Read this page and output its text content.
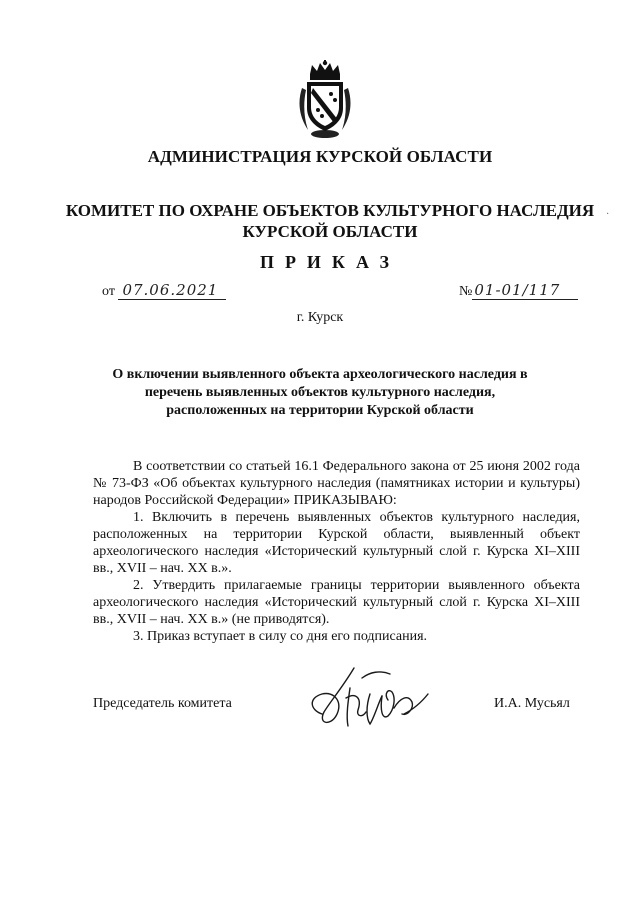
АДМИНИСТРАЦИЯ КУРСКОЙ ОБЛАСТИ
КОМИТЕТ ПО ОХРАНЕ ОБЪЕКТОВ КУЛЬТУРНОГО НАСЛЕДИЯ
КУРСКОЙ ОБЛАСТИ
ПРИКАЗ
от 07.06.2021	№ 01-01/117
г. Курск
О включении выявленного объекта археологического наследия в
перечень выявленных объектов культурного наследия,
расположенных на территории Курской области
В соответствии со статьей 16.1 Федерального закона от 25 июня 2002 года № 73-ФЗ «Об объектах культурного наследия (памятниках истории и культуры) народов Российской Федерации» ПРИКАЗЫВАЮ:
1. Включить в перечень выявленных объектов культурного наследия, расположенных на территории Курской области, выявленный объект археологического наследия «Исторический культурный слой г. Курска XI–XIII вв., XVII – нач. XX в.».
2. Утвердить прилагаемые границы территории выявленного объекта археологического наследия «Исторический культурный слой г. Курска XI–XIII вв., XVII – нач. XX в.» (не приводятся).
3. Приказ вступает в силу со дня его подписания.
Председатель комитета	И.А. Мусьял
·
